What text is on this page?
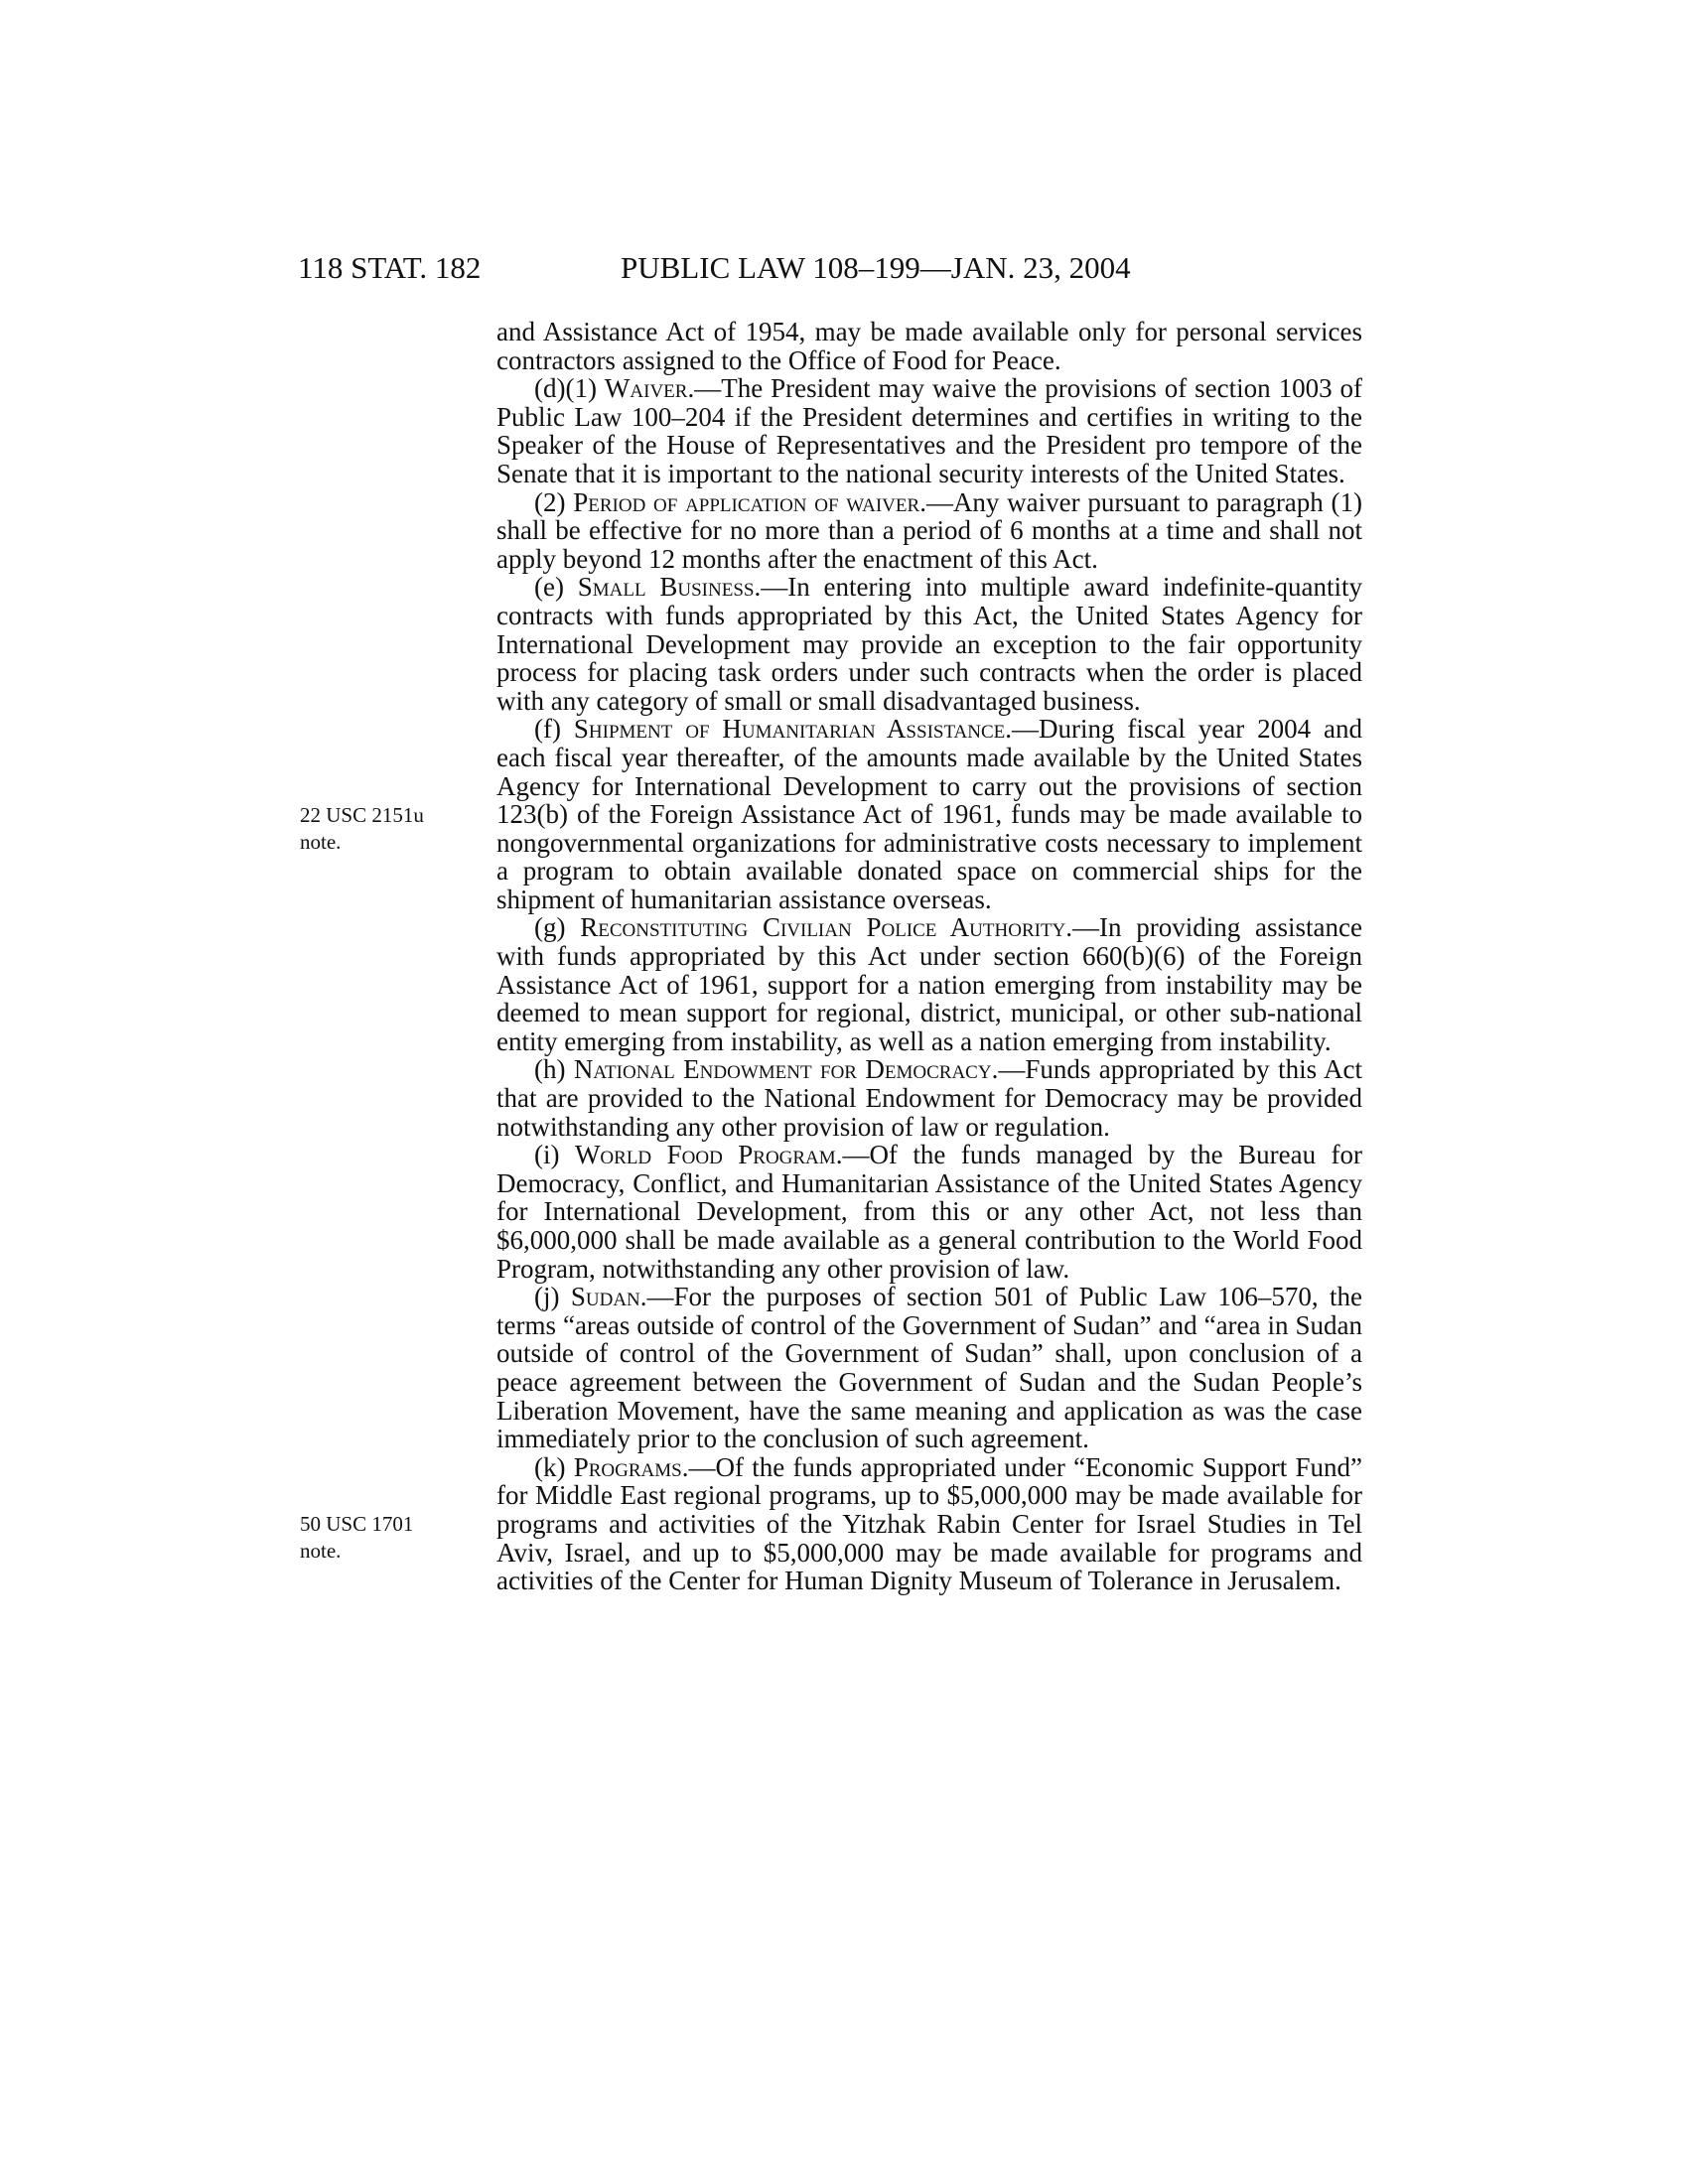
118 STAT. 182	PUBLIC LAW 108–199—JAN. 23, 2004
22 USC 2151u
note.
50 USC 1701
note.

and Assistance Act of 1954, may be made available only for personal services contractors assigned to the Office of Food for Peace.

(d)(1) Waiver.—The President may waive the provisions of section 1003 of Public Law 100–204 if the President determines and certifies in writing to the Speaker of the House of Representatives and the President pro tempore of the Senate that it is important to the national security interests of the United States.

(2) Period of application of waiver.—Any waiver pursuant to paragraph (1) shall be effective for no more than a period of 6 months at a time and shall not apply beyond 12 months after the enactment of this Act.

(e) Small Business.—In entering into multiple award indefinite-quantity contracts with funds appropriated by this Act, the United States Agency for International Development may provide an exception to the fair opportunity process for placing task orders under such contracts when the order is placed with any category of small or small disadvantaged business.

(f) Shipment of Humanitarian Assistance.—During fiscal year 2004 and each fiscal year thereafter, of the amounts made available by the United States Agency for International Development to carry out the provisions of section 123(b) of the Foreign Assistance Act of 1961, funds may be made available to nongovernmental organizations for administrative costs necessary to implement a program to obtain available donated space on commercial ships for the shipment of humanitarian assistance overseas.

(g) Reconstituting Civilian Police Authority.—In providing assistance with funds appropriated by this Act under section 660(b)(6) of the Foreign Assistance Act of 1961, support for a nation emerging from instability may be deemed to mean support for regional, district, municipal, or other sub-national entity emerging from instability, as well as a nation emerging from instability.

(h) National Endowment for Democracy.—Funds appropriated by this Act that are provided to the National Endowment for Democracy may be provided notwithstanding any other provision of law or regulation.

(i) World Food Program.—Of the funds managed by the Bureau for Democracy, Conflict, and Humanitarian Assistance of the United States Agency for International Development, from this or any other Act, not less than $6,000,000 shall be made available as a general contribution to the World Food Program, notwithstanding any other provision of law.

(j) Sudan.—For the purposes of section 501 of Public Law 106–570, the terms “areas outside of control of the Government of Sudan” and “area in Sudan outside of control of the Government of Sudan” shall, upon conclusion of a peace agreement between the Government of Sudan and the Sudan People’s Liberation Movement, have the same meaning and application as was the case immediately prior to the conclusion of such agreement.

(k) Programs.—Of the funds appropriated under “Economic Support Fund” for Middle East regional programs, up to $5,000,000 may be made available for programs and activities of the Yitzhak Rabin Center for Israel Studies in Tel Aviv, Israel, and up to $5,000,000 may be made available for programs and activities of the Center for Human Dignity Museum of Tolerance in Jerusalem.
